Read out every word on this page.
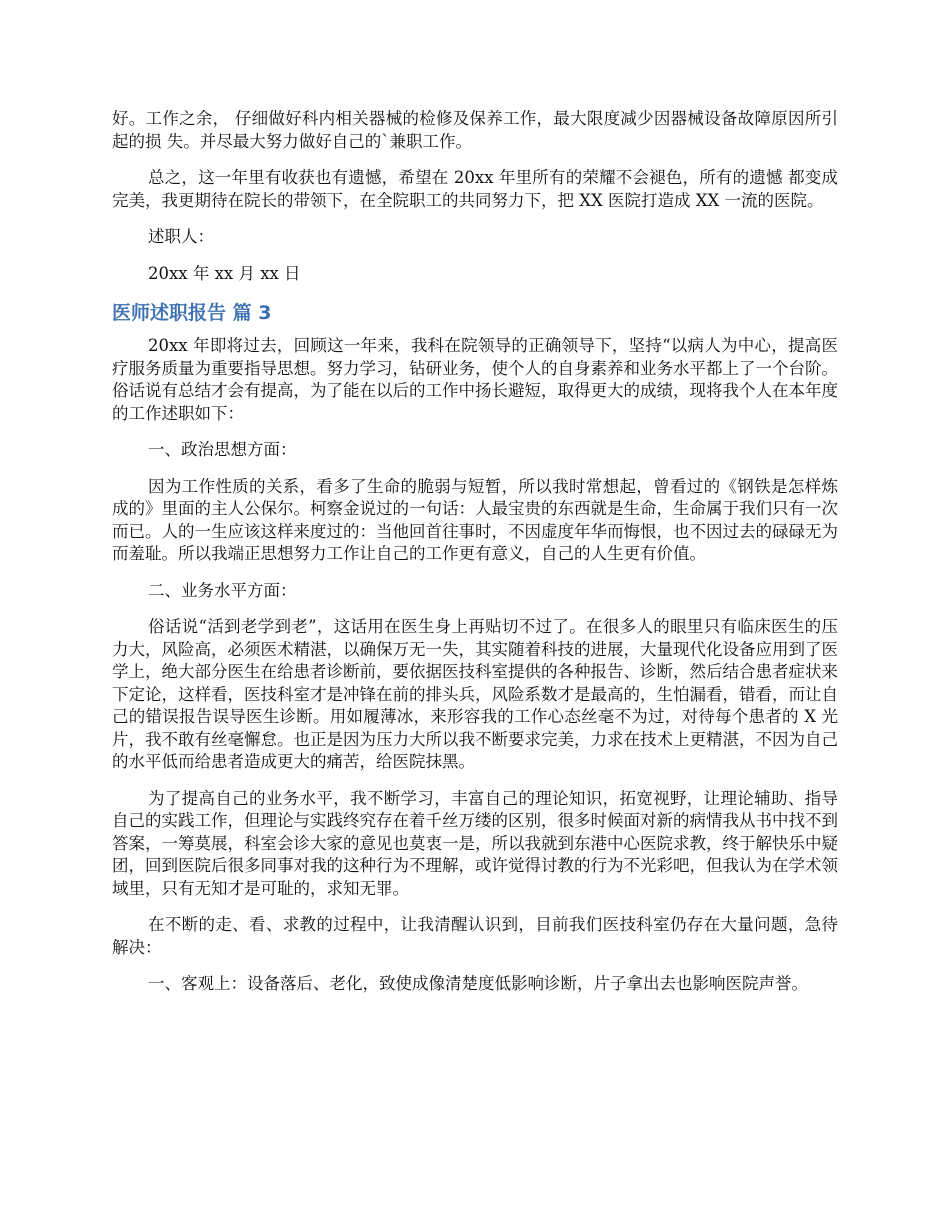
好。工作之余， 仔细做好科内相关器械的检修及保养工作，最大限度减少因器械设备故障原因所引起的损 失。并尽最大努力做好自己的`兼职工作。

总之，这一年里有收获也有遗憾，希望在 20xx 年里所有的荣耀不会褪色，所有的遗憾 都变成完美，我更期待在院长的带领下，在全院职工的共同努力下，把 XX 医院打造成 XX 一流的医院。

述职人：

20xx 年 xx 月 xx 日

医师述职报告 篇 3

20xx 年即将过去，回顾这一年来，我科在院领导的正确领导下，坚持“以病人为中心，提高医疗服务质量为重要指导思想。努力学习，钻研业务，使个人的自身素养和业务水平都上了一个台阶。俗话说有总结才会有提高，为了能在以后的工作中扬长避短，取得更大的成绩，现将我个人在本年度的工作述职如下：

一、政治思想方面：

因为工作性质的关系，看多了生命的脆弱与短暂，所以我时常想起，曾看过的《钢铁是怎样炼成的》里面的主人公保尔。柯察金说过的一句话：人最宝贵的东西就是生命，生命属于我们只有一次而已。人的一生应该这样来度过的：当他回首往事时，不因虚度年华而悔恨，也不因过去的碌碌无为而羞耻。所以我端正思想努力工作让自己的工作更有意义，自己的人生更有价值。

二、业务水平方面：

俗话说“活到老学到老”，这话用在医生身上再贴切不过了。在很多人的眼里只有临床医生的压力大，风险高，必须医术精湛，以确保万无一失，其实随着科技的进展，大量现代化设备应用到了医学上，绝大部分医生在给患者诊断前，要依据医技科室提供的各种报告、诊断，然后结合患者症状来下定论，这样看，医技科室才是冲锋在前的排头兵，风险系数才是最高的，生怕漏看，错看，而让自己的错误报告误导医生诊断。用如履薄冰，来形容我的工作心态丝毫不为过，对待每个患者的 X 光片，我不敢有丝毫懈怠。也正是因为压力大所以我不断要求完美，力求在技术上更精湛，不因为自己的水平低而给患者造成更大的痛苦，给医院抹黑。

为了提高自己的业务水平，我不断学习，丰富自己的理论知识，拓宽视野，让理论辅助、指导自己的实践工作，但理论与实践终究存在着千丝万缕的区别，很多时候面对新的病情我从书中找不到答案，一筹莫展，科室会诊大家的意见也莫衷一是，所以我就到东港中心医院求教，终于解快乐中疑团，回到医院后很多同事对我的这种行为不理解，或许觉得讨教的行为不光彩吧，但我认为在学术领域里，只有无知才是可耻的，求知无罪。

在不断的走、看、求教的过程中，让我清醒认识到，目前我们医技科室仍存在大量问题，急待解决：

一、客观上：设备落后、老化，致使成像清楚度低影响诊断，片子拿出去也影响医院声誉。
